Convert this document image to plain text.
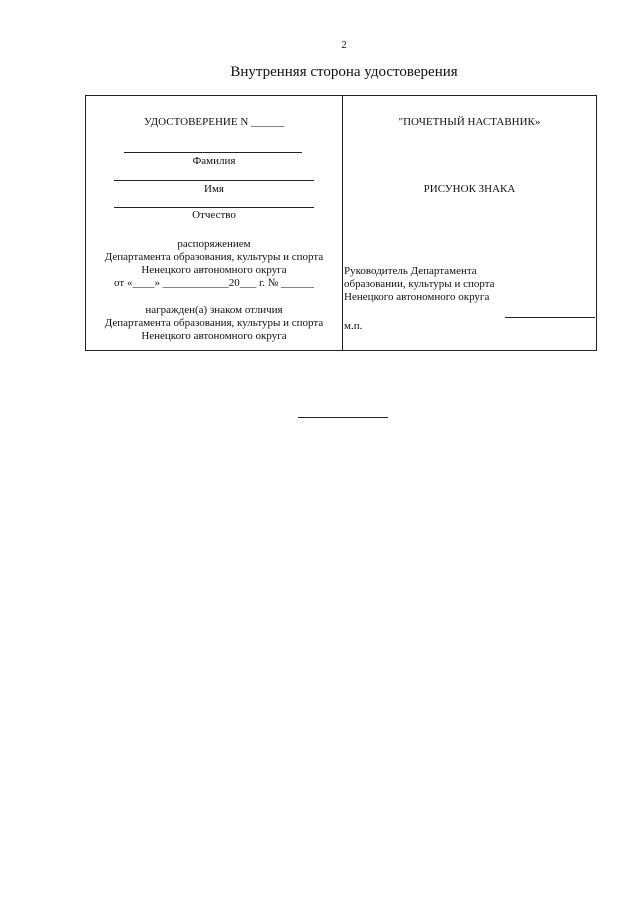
2
Внутренняя сторона удостоверения
УДОСТОВЕРЕНИЕ N ______
Фамилия
Имя
Отчество
распоряжением
Департамента образования, культуры и спорта
Ненецкого автономного округа
от «____» ____________20___ г. № ______
награжден(а) знаком отличия
Департамента образования, культуры и спорта
Ненецкого автономного округа
"ПОЧЕТНЫЙ НАСТАВНИК»
РИСУНОК ЗНАКА
Руководитель Департамента
образовании, культуры и спорта
Ненецкого автономного округа
м.п.
